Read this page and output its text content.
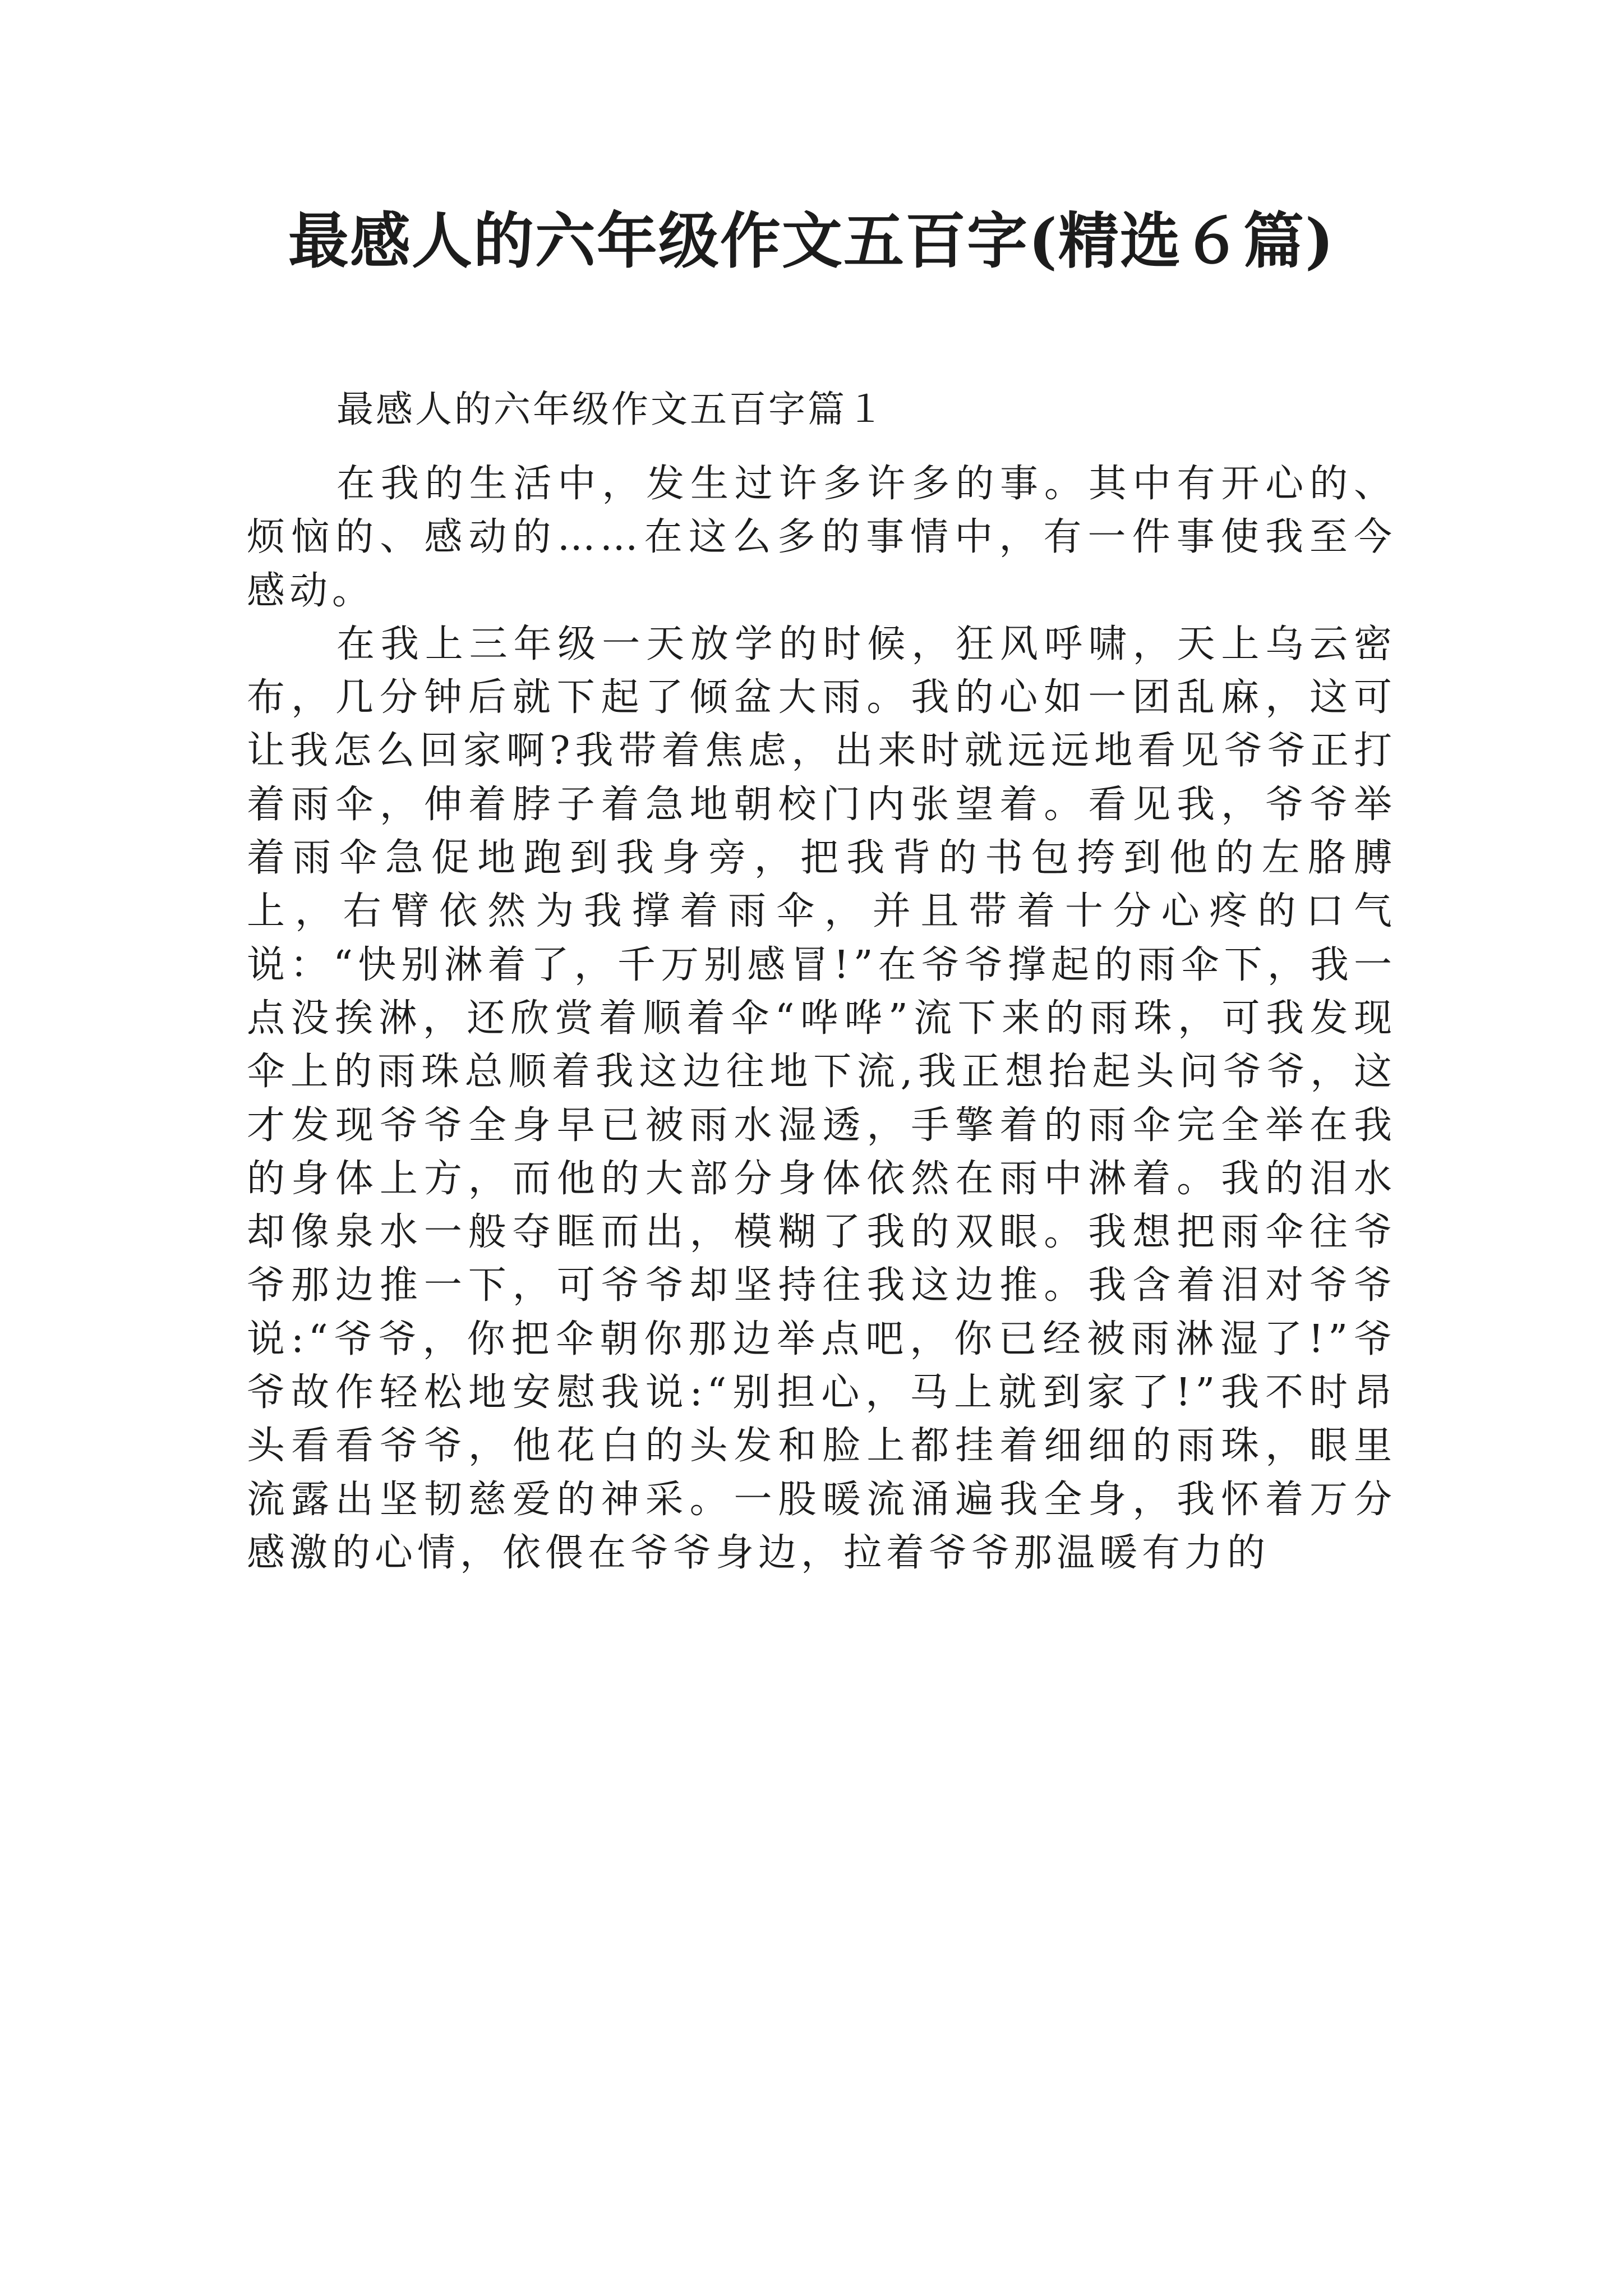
最感人的六年级作文五百字(精选６篇)

最感人的六年级作文五百字篇１

在我的生活中，发生过许多许多的事。其中有开心的、烦恼的、感动的……在这么多的事情中，有一件事使我至今感动。

在我上三年级一天放学的时候，狂风呼啸，天上乌云密布，几分钟后就下起了倾盆大雨。我的心如一团乱麻，这可让我怎么回家啊?我带着焦虑，出来时就远远地看见爷爷正打着雨伞，伸着脖子着急地朝校门内张望着。看见我，爷爷举着雨伞急促地跑到我身旁，把我背的书包挎到他的左胳膊上，右臂依然为我撑着雨伞，并且带着十分心疼的口气说：“快别淋着了，千万别感冒!”在爷爷撑起的雨伞下，我一点没挨淋，还欣赏着顺着伞“哗哗”流下来的雨珠，可我发现伞上的雨珠总顺着我这边往地下流,我正想抬起头问爷爷，这才发现爷爷全身早已被雨水湿透，手擎着的雨伞完全举在我的身体上方，而他的大部分身体依然在雨中淋着。我的泪水却像泉水一般夺眶而出，模糊了我的双眼。我想把雨伞往爷爷那边推一下，可爷爷却坚持往我这边推。我含着泪对爷爷说:“爷爷，你把伞朝你那边举点吧，你已经被雨淋湿了!”爷爷故作轻松地安慰我说:“别担心，马上就到家了!”我不时昂头看看爷爷，他花白的头发和脸上都挂着细细的雨珠，眼里流露出坚韧慈爱的神采。一股暖流涌遍我全身，我怀着万分感激的心情，依偎在爷爷身边，拉着爷爷那温暖有力的
